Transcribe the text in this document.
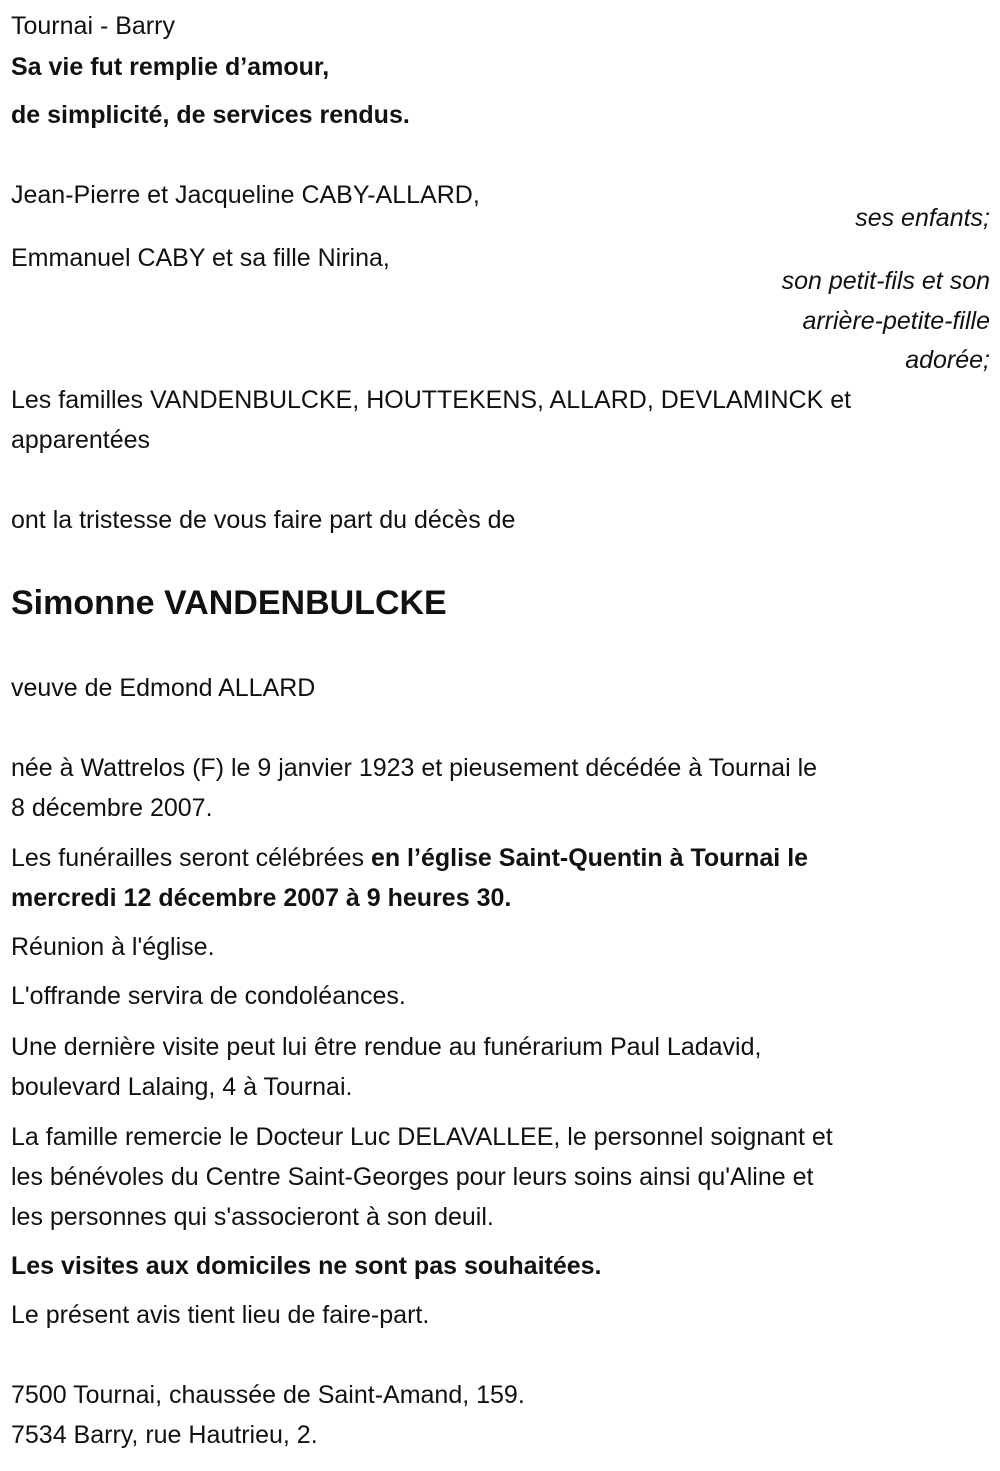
Tournai - Barry
Sa vie fut remplie d’amour,
de simplicité, de services rendus.
Jean-Pierre et Jacqueline CABY-ALLARD,
ses enfants;
Emmanuel CABY et sa fille Nirina,
son petit-fils et son
arrière-petite-fille
adorée;
Les familles VANDENBULCKE, HOUTTEKENS, ALLARD, DEVLAMINCK et
apparentées
ont la tristesse de vous faire part du décès de
Simonne VANDENBULCKE
veuve de Edmond ALLARD
née à Wattrelos (F) le 9 janvier 1923 et pieusement décédée à Tournai le
8 décembre 2007.
Les funérailles seront célébrées en l’église Saint-Quentin à Tournai le
mercredi 12 décembre 2007 à 9 heures 30.
Réunion à l'église.
L'offrande servira de condoléances.
Une dernière visite peut lui être rendue au funérarium Paul Ladavid,
boulevard Lalaing, 4 à Tournai.
La famille remercie le Docteur Luc DELAVALLEE, le personnel soignant et
les bénévoles du Centre Saint-Georges pour leurs soins ainsi qu'Aline et
les personnes qui s'associeront à son deuil.
Les visites aux domiciles ne sont pas souhaitées.
Le présent avis tient lieu de faire-part.
7500 Tournai, chaussée de Saint-Amand, 159.
7534 Barry, rue Hautrieu, 2.
